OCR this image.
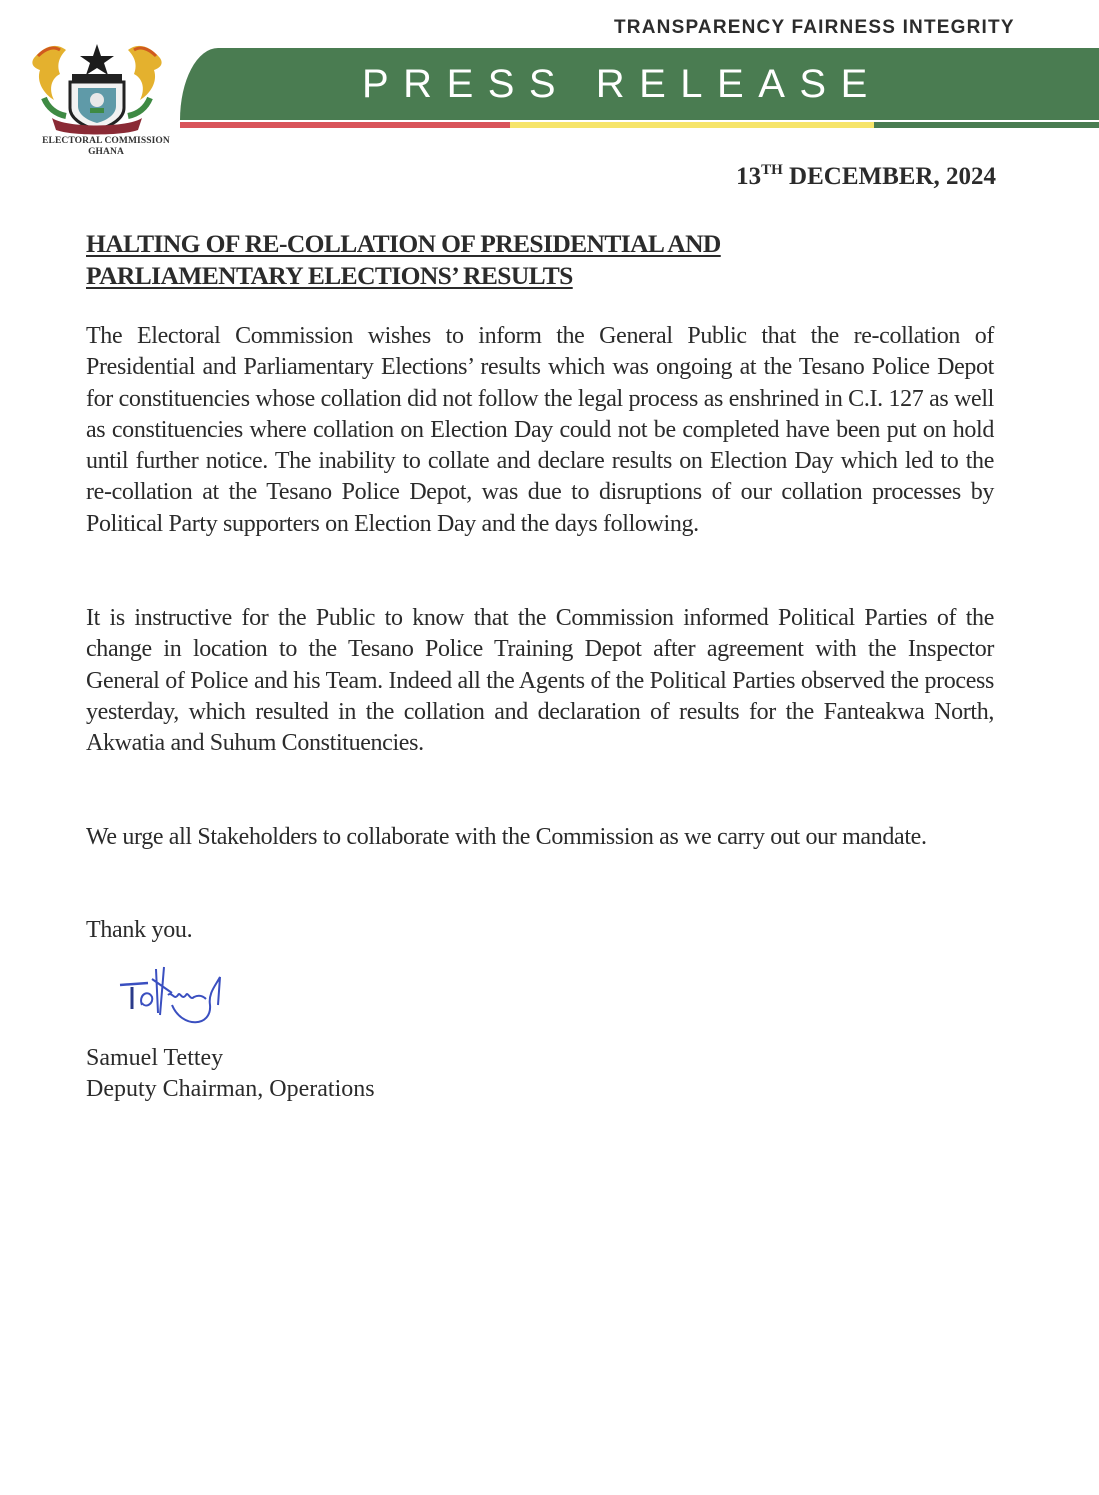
ELECTORAL COMMISSION
GHANA
TRANSPARENCY FAIRNESS INTEGRITY
PRESS RELEASE
13TH DECEMBER, 2024
HALTING OF RE-COLLATION OF PRESIDENTIAL AND
PARLIAMENTARY ELECTIONS’ RESULTS

The Electoral Commission wishes to inform the General Public that the re-collation of Presidential and Parliamentary Elections’ results which was ongoing at the Tesano Police Depot for constituencies whose collation did not follow the legal process as enshrined in C.I. 127 as well as constituencies where collation on Election Day could not be completed have been put on hold until further notice. The inability to collate and declare results on Election Day which led to the re-collation at the Tesano Police Depot, was due to disruptions of our collation processes by Political Party supporters on Election Day and the days following.

It is instructive for the Public to know that the Commission informed Political Parties of the change in location to the Tesano Police Training Depot after agreement with the Inspector General of Police and his Team. Indeed all the Agents of the Political Parties observed the process yesterday, which resulted in the collation and declaration of results for the Fanteakwa North, Akwatia and Suhum Constituencies.

We urge all Stakeholders to collaborate with the Commission as we carry out our mandate.

Thank you.
Samuel Tettey
Deputy Chairman, Operations
